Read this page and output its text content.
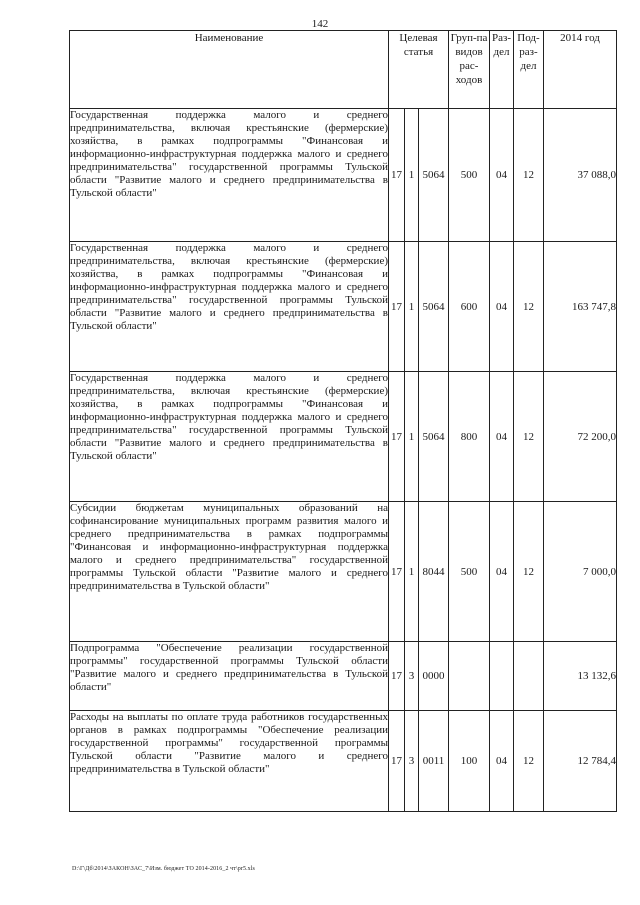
142
Наименование	Целевая статья			Груп-па видов рас-ходов	Раз-дел	Под-раз-дел	2014 год
Государственная поддержка малого и среднего предпринимательства, включая крестьянские (фермерские) хозяйства, в рамках подпрограммы "Финансовая и информационно-инфраструктурная поддержка малого и среднего предпринимательства" государственной программы Тульской области "Развитие малого и среднего предпринимательства в Тульской области"	17	1	5064	500	04	12	37 088,0
Государственная поддержка малого и среднего предпринимательства, включая крестьянские (фермерские) хозяйства, в рамках подпрограммы "Финансовая и информационно-инфраструктурная поддержка малого и среднего предпринимательства" государственной программы Тульской области "Развитие малого и среднего предпринимательства в Тульской области"	17	1	5064	600	04	12	163 747,8
Государственная поддержка малого и среднего предпринимательства, включая крестьянские (фермерские) хозяйства, в рамках подпрограммы "Финансовая и информационно-инфраструктурная поддержка малого и среднего предпринимательства" государственной программы Тульской области "Развитие малого и среднего предпринимательства в Тульской области"	17	1	5064	800	04	12	72 200,0
Субсидии бюджетам муниципальных образований на софинансирование муниципальных программ развития малого и среднего предпринимательства в рамках подпрограммы "Финансовая и информационно-инфраструктурная поддержка малого и среднего предпринимательства" государственной программы Тульской области "Развитие малого и среднего предпринимательства в Тульской области"	17	1	8044	500	04	12	7 000,0
Подпрограмма "Обеспечение реализации государственной программы" государственной программы Тульской области "Развитие малого и среднего предпринимательства в Тульской области"	17	3	0000				13 132,6
Расходы на выплаты по оплате труда работников государственных органов в рамках подпрограммы "Обеспечение реализации государственной программы" государственной программы Тульской области "Развитие малого и среднего предпринимательства в Тульской области"	17	3	0011	100	04	12	12 784,4
D:\Г\Дб\2014\ЗАКОН\ЗАС_7\Изм. бюджет ТО 2014-2016_2 чт\pr5.xls
